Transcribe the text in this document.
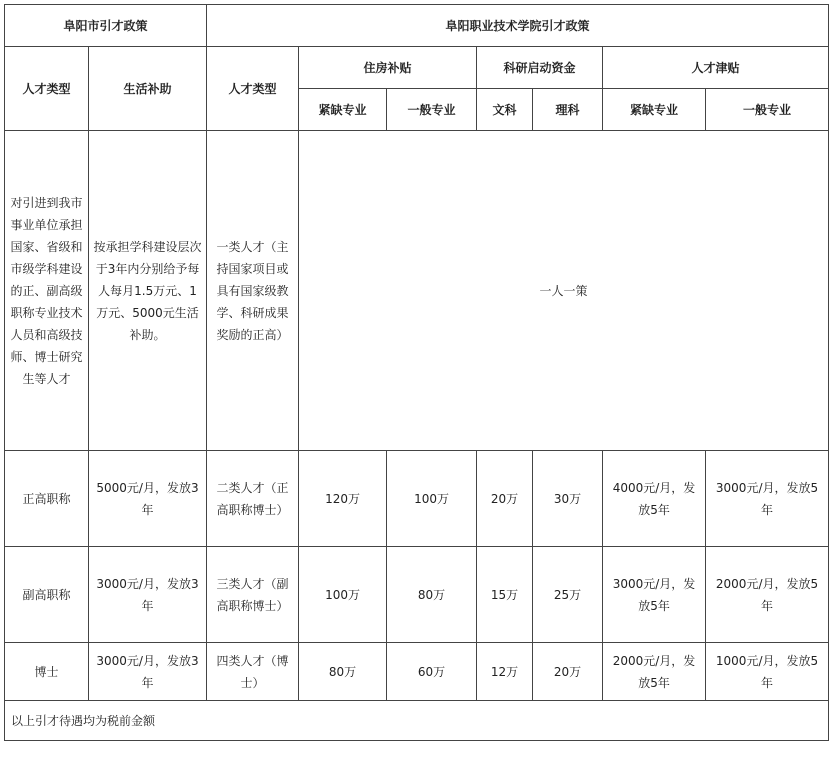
阜阳市引才政策		阜阳职业技术学院引才政策						
人才类型	生活补助	人才类型	住房补贴		科研启动资金		人才津贴	
			紧缺专业	一般专业	文科	理科	紧缺专业	一般专业
对引进到我市事业单位承担国家、省级和市级学科建设的正、副高级职称专业技术人员和高级技师、博士研究生等人才	按承担学科建设层次于3年内分别给予每人每月1.5万元、1万元、5000元生活补助。	一类人才（主持国家项目或具有国家级教学、科研成果奖励的正高）	一人一策					
正高职称	5000元/月，发放3年	二类人才（正高职称博士）	120万	100万	20万	30万	4000元/月，发放5年	3000元/月，发放5年
副高职称	3000元/月，发放3年	三类人才（副高职称博士）	100万	80万	15万	25万	3000元/月，发放5年	2000元/月，发放5年
博士	3000元/月，发放3年	四类人才（博士）	80万	60万	12万	20万	2000元/月，发放5年	1000元/月，发放5年
以上引才待遇均为税前金额								
